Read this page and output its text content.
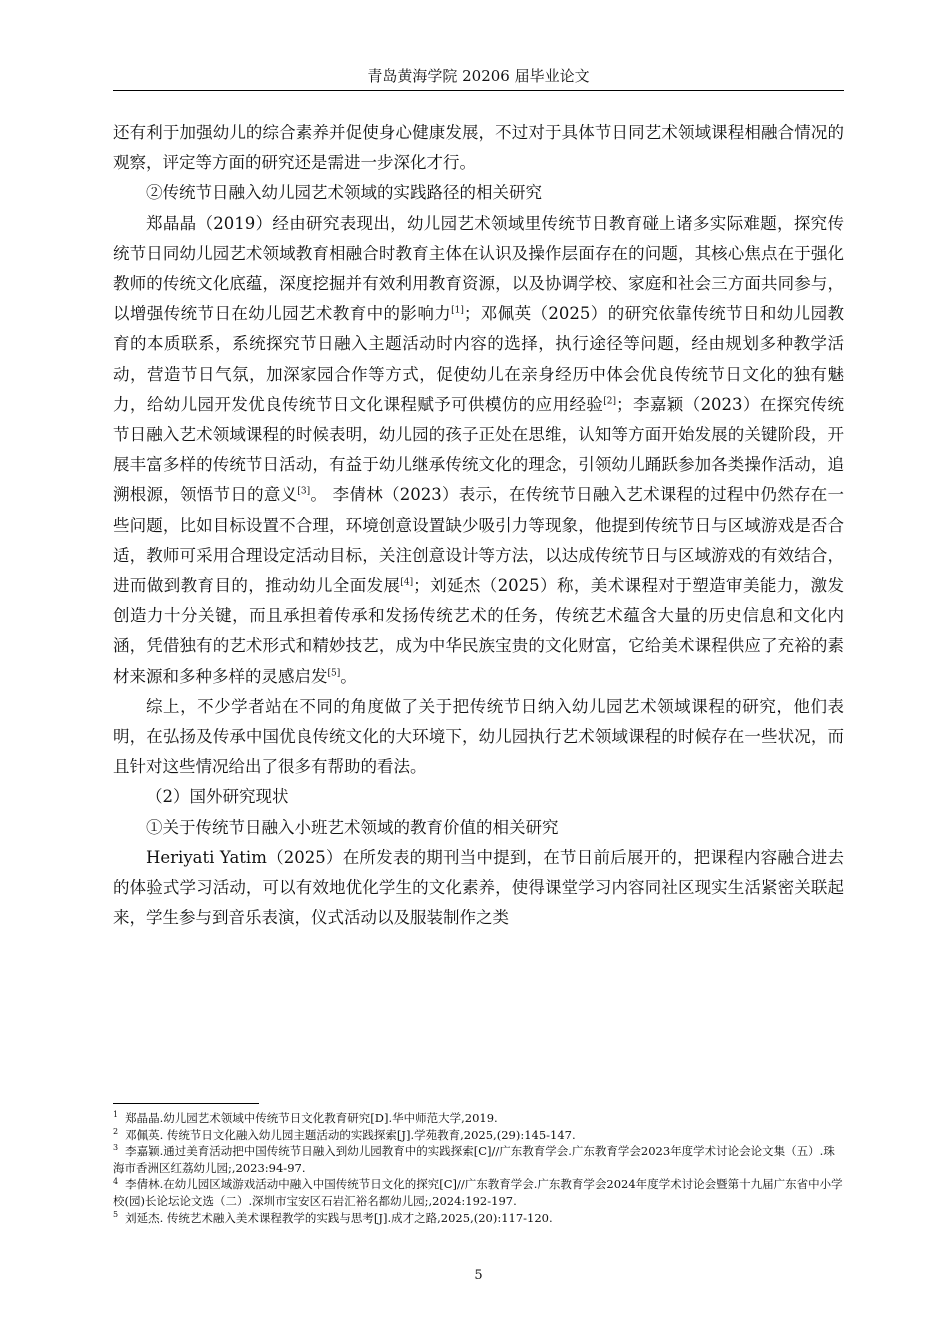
青岛黄海学院 20206 届毕业论文

还有利于加强幼儿的综合素养并促使身心健康发展，不过对于具体节日同艺术领域课程相融合情况的观察，评定等方面的研究还是需进一步深化才行。

②传统节日融入幼儿园艺术领域的实践路径的相关研究

郑晶晶（2019）经由研究表现出，幼儿园艺术领域里传统节日教育碰上诸多实际难题，探究传统节日同幼儿园艺术领域教育相融合时教育主体在认识及操作层面存在的问题，其核心焦点在于强化教师的传统文化底蕴，深度挖掘并有效利用教育资源，以及协调学校、家庭和社会三方面共同参与，以增强传统节日在幼儿园艺术教育中的影响力[1]；邓佩英（2025）的研究依靠传统节日和幼儿园教育的本质联系，系统探究节日融入主题活动时内容的选择，执行途径等问题，经由规划多种教学活动，营造节日气氛，加深家园合作等方式，促使幼儿在亲身经历中体会优良传统节日文化的独有魅力，给幼儿园开发优良传统节日文化课程赋予可供模仿的应用经验[2]；李嘉颖（2023）在探究传统节日融入艺术领域课程的时候表明，幼儿园的孩子正处在思维，认知等方面开始发展的关键阶段，开展丰富多样的传统节日活动，有益于幼儿继承传统文化的理念，引领幼儿踊跃参加各类操作活动，追溯根源，领悟节日的意义[3]。 李倩林（2023）表示，在传统节日融入艺术课程的过程中仍然存在一些问题，比如目标设置不合理，环境创意设置缺少吸引力等现象，他提到传统节日与区域游戏是否合适，教师可采用合理设定活动目标，关注创意设计等方法，以达成传统节日与区域游戏的有效结合，进而做到教育目的，推动幼儿全面发展[4]；刘延杰（2025）称，美术课程对于塑造审美能力，激发创造力十分关键，而且承担着传承和发扬传统艺术的任务，传统艺术蕴含大量的历史信息和文化内涵，凭借独有的艺术形式和精妙技艺，成为中华民族宝贵的文化财富，它给美术课程供应了充裕的素材来源和多种多样的灵感启发[5]。

综上，不少学者站在不同的角度做了关于把传统节日纳入幼儿园艺术领域课程的研究，他们表明，在弘扬及传承中国优良传统文化的大环境下，幼儿园执行艺术领域课程的时候存在一些状况，而且针对这些情况给出了很多有帮助的看法。

（2）国外研究现状

①关于传统节日融入小班艺术领域的教育价值的相关研究

Heriyati Yatim（2025）在所发表的期刊当中提到，在节日前后展开的，把课程内容融合进去的体验式学习活动，可以有效地优化学生的文化素养，使得课堂学习内容同社区现实生活紧密关联起来，学生参与到音乐表演，仪式活动以及服装制作之类

$^1$ 郑晶晶.幼儿园艺术领域中传统节日文化教育研究[D].华中师范大学,2019.

$^2$ 邓佩英. 传统节日文化融入幼儿园主题活动的实践探索[J].学苑教育,2025,(29):145-147.

$^3$ 李嘉颖.通过美育活动把中国传统节日融入到幼儿园教育中的实践探索[C]//广东教育学会.广东教育学会2023年度学术讨论会论文集（五）.珠海市香洲区红荔幼儿园;,2023:94-97.

$^4$ 李倩林.在幼儿园区域游戏活动中融入中国传统节日文化的探究[C]//广东教育学会.广东教育学会2024年度学术讨论会暨第十九届广东省中小学校(园)长论坛论文选（二）.深圳市宝安区石岩汇裕名都幼儿园;,2024:192-197.

$^5$ 刘延杰. 传统艺术融入美术课程教学的实践与思考[J].成才之路,2025,(20):117-120.

5
